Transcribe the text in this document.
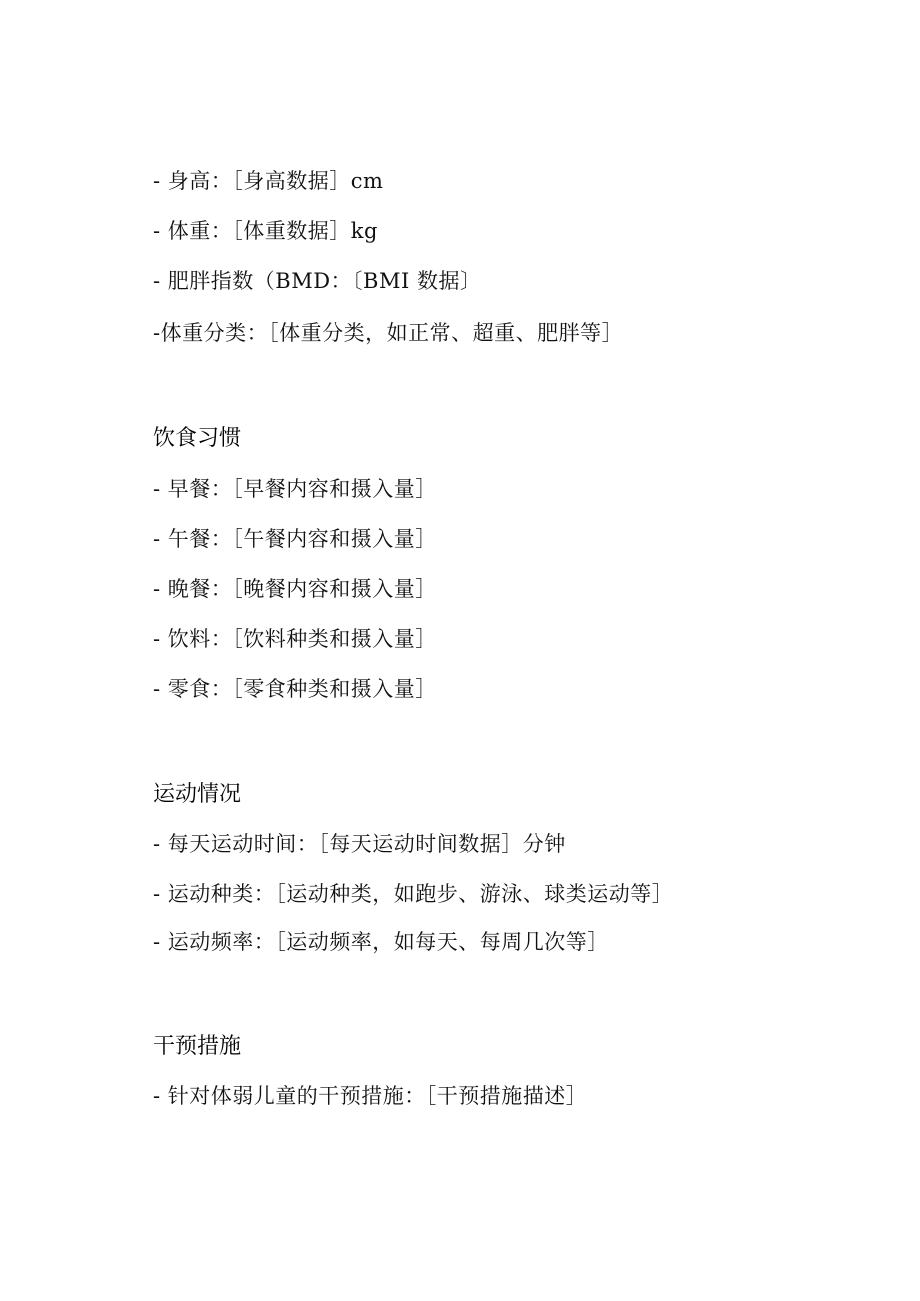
- 身高：［身高数据］cm
- 体重：［体重数据］kg
- 肥胖指数（BMD：〔BMI 数据〕
-体重分类：［体重分类，如正常、超重、肥胖等］
饮食习惯
- 早餐：［早餐内容和摄入量］
- 午餐：［午餐内容和摄入量］
- 晚餐：［晚餐内容和摄入量］
- 饮料：［饮料种类和摄入量］
- 零食：［零食种类和摄入量］
运动情况
- 每天运动时间：［每天运动时间数据］分钟
- 运动种类：［运动种类，如跑步、游泳、球类运动等］
- 运动频率：［运动频率，如每天、每周几次等］
干预措施
- 针对体弱儿童的干预措施：［干预措施描述］
